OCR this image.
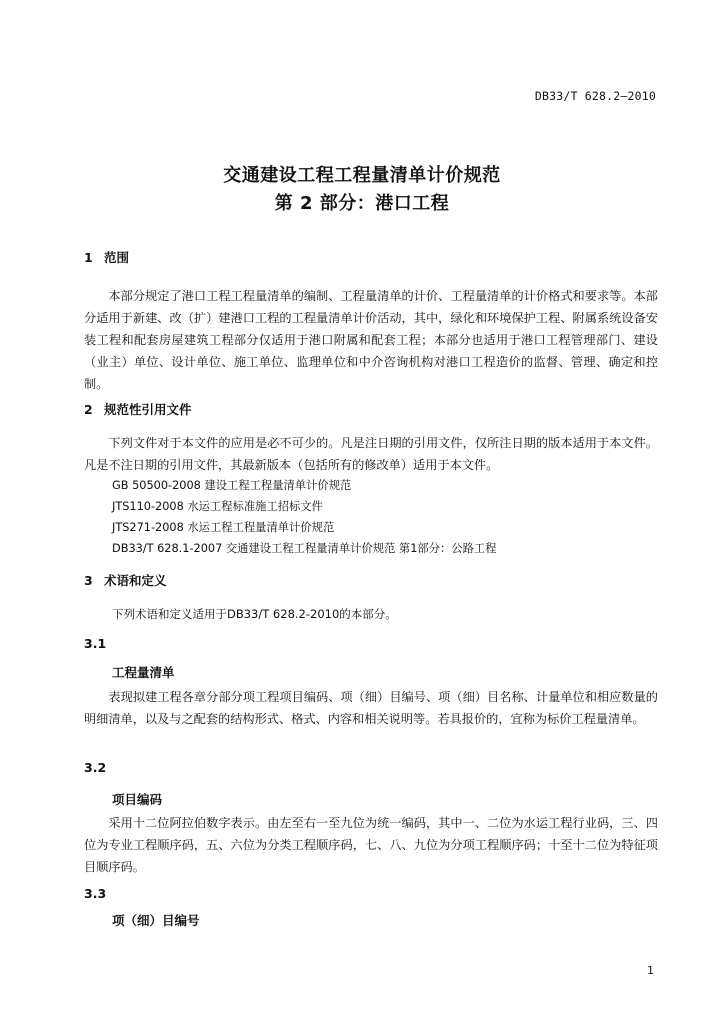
DB33/T 628.2—2010
交通建设工程工程量清单计价规范
第 2 部分：港口工程
1 范围
本部分规定了港口工程工程量清单的编制、工程量清单的计价、工程量清单的计价格式和要求等。本部分适用于新建、改（扩）建港口工程的工程量清单计价活动，其中，绿化和环境保护工程、附属系统设备安装工程和配套房屋建筑工程部分仅适用于港口附属和配套工程；本部分也适用于港口工程管理部门、建设（业主）单位、设计单位、施工单位、监理单位和中介咨询机构对港口工程造价的监督、管理、确定和控制。
2 规范性引用文件
下列文件对于本文件的应用是必不可少的。凡是注日期的引用文件，仅所注日期的版本适用于本文件。凡是不注日期的引用文件，其最新版本（包括所有的修改单）适用于本文件。
GB 50500-2008 建设工程工程量清单计价规范
JTS110-2008 水运工程标准施工招标文件
JTS271-2008 水运工程工程量清单计价规范
DB33/T 628.1-2007 交通建设工程工程量清单计价规范 第1部分：公路工程
3 术语和定义
下列术语和定义适用于DB33/T 628.2-2010的本部分。
3.1
工程量清单
表现拟建工程各章分部分项工程项目编码、项（细）目编号、项（细）目名称、计量单位和相应数量的明细清单，以及与之配套的结构形式、格式、内容和相关说明等。若具报价的，宜称为标价工程量清单。
3.2
项目编码
采用十二位阿拉伯数字表示。由左至右一至九位为统一编码，其中一、二位为水运工程行业码，三、四位为专业工程顺序码，五、六位为分类工程顺序码，七、八、九位为分项工程顺序码；十至十二位为特征项目顺序码。
3.3
项（细）目编号
1
